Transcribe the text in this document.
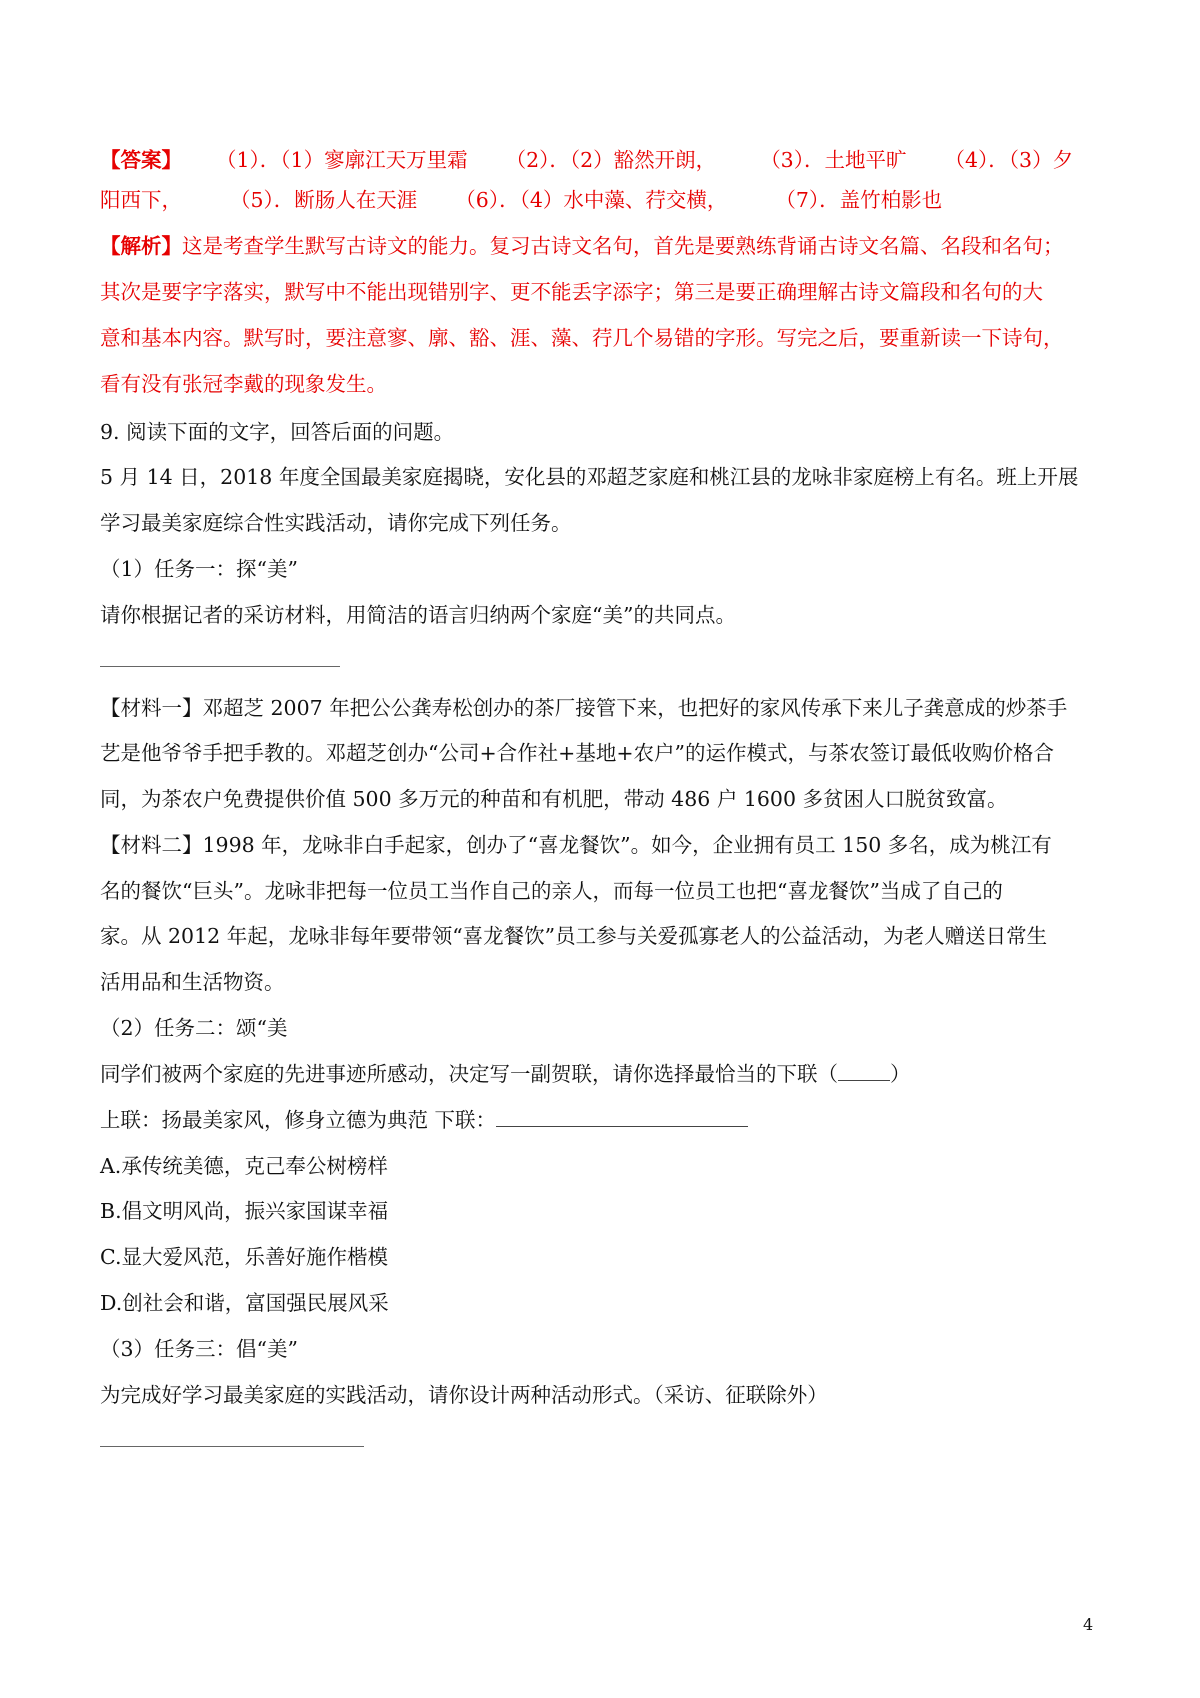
【答案】 （1）．（1）寥廓江天万里霜 （2）．（2）豁然开朗， （3）．土地平旷 （4）．（3）夕
阳西下， （5）．断肠人在天涯 （6）．（4）水中藻、荇交横， （7）．盖竹柏影也
【解析】这是考查学生默写古诗文的能力。复习古诗文名句，首先是要熟练背诵古诗文名篇、名段和名句；
其次是要字字落实，默写中不能出现错别字、更不能丢字添字；第三是要正确理解古诗文篇段和名句的大
意和基本内容。默写时，要注意寥、廓、豁、涯、藻、荇几个易错的字形。写完之后，要重新读一下诗句，
看有没有张冠李戴的现象发生。
9. 阅读下面的文字，回答后面的问题。
5 月 14 日，2018 年度全国最美家庭揭晓，安化县的邓超芝家庭和桃江县的龙咏非家庭榜上有名。班上开展
学习最美家庭综合性实践活动，请你完成下列任务。
（1）任务一：探“美”
请你根据记者的采访材料，用简洁的语言归纳两个家庭“美”的共同点。
【材料一】邓超芝 2007 年把公公龚寿松创办的茶厂接管下来，也把好的家风传承下来儿子龚意成的炒茶手
艺是他爷爷手把手教的。邓超芝创办“公司+合作社+基地+农户”的运作模式，与茶农签订最低收购价格合
同，为茶农户免费提供价值 500 多万元的种苗和有机肥，带动 486 户 1600 多贫困人口脱贫致富。
【材料二】1998 年，龙咏非白手起家，创办了“喜龙餐饮”。如今，企业拥有员工 150 多名，成为桃江有
名的餐饮“巨头”。龙咏非把每一位员工当作自己的亲人，而每一位员工也把“喜龙餐饮”当成了自己的
家。从 2012 年起，龙咏非每年要带领“喜龙餐饮”员工参与关爱孤寡老人的公益活动，为老人赠送日常生
活用品和生活物资。
（2）任务二：颂“美
同学们被两个家庭的先进事迹所感动，决定写一副贺联，请你选择最恰当的下联（	）
上联：扬最美家风，修身立德为典范 下联：
A.承传统美德，克己奉公树榜样
B.倡文明风尚，振兴家国谋幸福
C.显大爱风范，乐善好施作楷模
D.创社会和谐，富国强民展风采
（3）任务三：倡“美”
为完成好学习最美家庭的实践活动，请你设计两种活动形式。（采访、征联除外）
4
